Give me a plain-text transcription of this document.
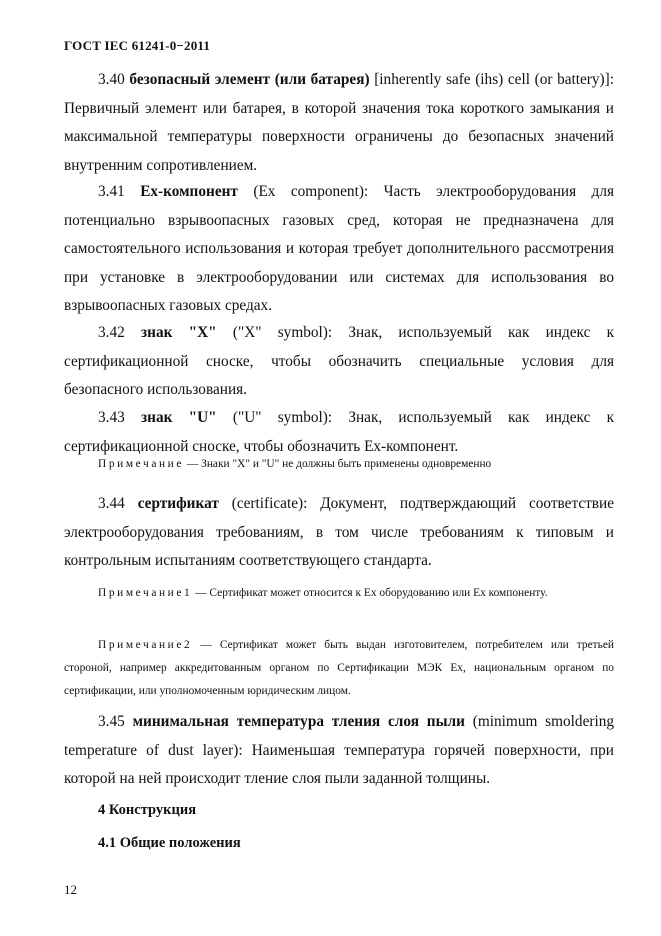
ГОСТ IEC 61241-0−2011
3.40 безопасный элемент (или батарея) [inherently safe (ihs) cell (or battery)]: Первичный элемент или батарея, в которой значения тока короткого замыкания и максимальной температуры поверхности ограничены до безопасных значений внутренним сопротивлением.
3.41 Ех-компонент (Ex component): Часть электрооборудования для потенциально взрывоопасных газовых сред, которая не предназначена для самостоятельного использования и которая требует дополнительного рассмотрения при установке в электрооборудовании или системах для использования во взрывоопасных газовых средах.
3.42 знак "X" ("X" symbol): Знак, используемый как индекс к сертификационной сноске, чтобы обозначить специальные условия для безопасного использования.
3.43 знак "U" ("U" symbol): Знак, используемый как индекс к сертификационной сноске, чтобы обозначить Ех-компонент.
Примечание — Знаки "X" и "U" не должны быть применены одновременно
3.44 сертификат (certificate): Документ, подтверждающий соответствие электрооборудования требованиям, в том числе требованиям к типовым и контрольным испытаниям соответствующего стандарта.
Примечание1 — Сертификат может относится к Ех оборудованию или Ех компоненту.
Примечание2 — Сертификат может быть выдан изготовителем, потребителем или третьей стороной, например аккредитованным органом по Сертификации МЭК Ех, национальным органом по сертификации, или уполномоченным юридическим лицом.
3.45 минимальная температура тления слоя пыли (minimum smoldering temperature of dust layer): Наименьшая температура горячей поверхности, при которой на ней происходит тление слоя пыли заданной толщины.
4 Конструкция
4.1 Общие положения
12
